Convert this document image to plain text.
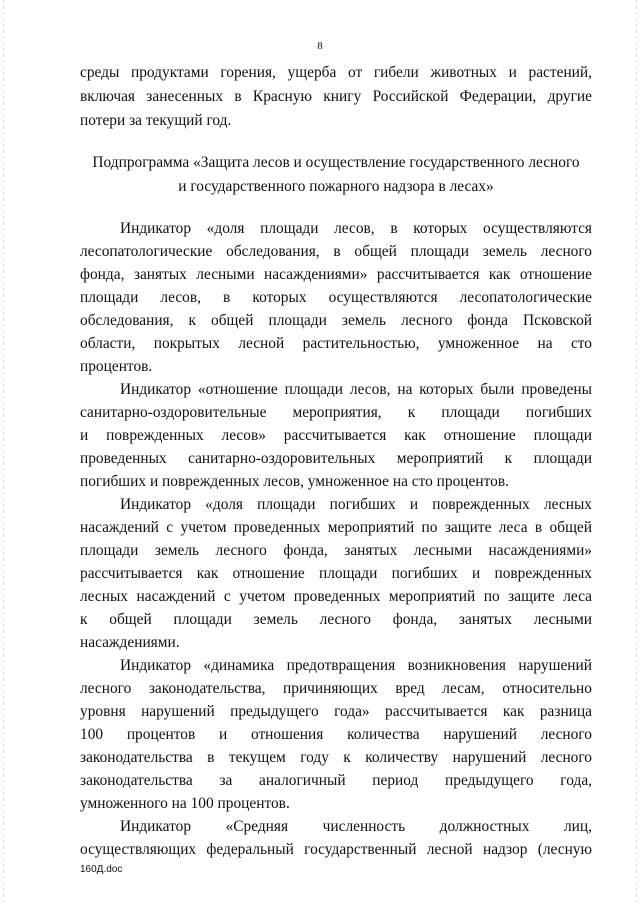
8
среды продуктами горения, ущерба от гибели животных и растений,
включая занесенных в Красную книгу Российской Федерации, другие
потери за текущий год.
Подпрограмма «Защита лесов и осуществление государственного лесного
и государственного пожарного надзора в лесах»
Индикатор «доля площади лесов, в которых осуществляются
лесопатологические обследования, в общей площади земель лесного
фонда, занятых лесными насаждениями» рассчитывается как отношение
площади лесов, в которых осуществляются лесопатологические
обследования, к общей площади земель лесного фонда Псковской
области, покрытых лесной растительностью, умноженное на сто
процентов.
Индикатор «отношение площади лесов, на которых были проведены
санитарно-оздоровительные мероприятия, к площади погибших
и поврежденных лесов» рассчитывается как отношение площади
проведенных санитарно-оздоровительных мероприятий к площади
погибших и поврежденных лесов, умноженное на сто процентов.
Индикатор «доля площади погибших и поврежденных лесных
насаждений с учетом проведенных мероприятий по защите леса в общей
площади земель лесного фонда, занятых лесными насаждениями»
рассчитывается как отношение площади погибших и поврежденных
лесных насаждений с учетом проведенных мероприятий по защите леса
к общей площади земель лесного фонда, занятых лесными
насаждениями.
Индикатор «динамика предотвращения возникновения нарушений
лесного законодательства, причиняющих вред лесам, относительно
уровня нарушений предыдущего года» рассчитывается как разница
100 процентов и отношения количества нарушений лесного
законодательства в текущем году к количеству нарушений лесного
законодательства за аналогичный период предыдущего года,
умноженного на 100 процентов.
Индикатор «Средняя численность должностных лиц,
осуществляющих федеральный государственный лесной надзор (лесную
160Д.doc
